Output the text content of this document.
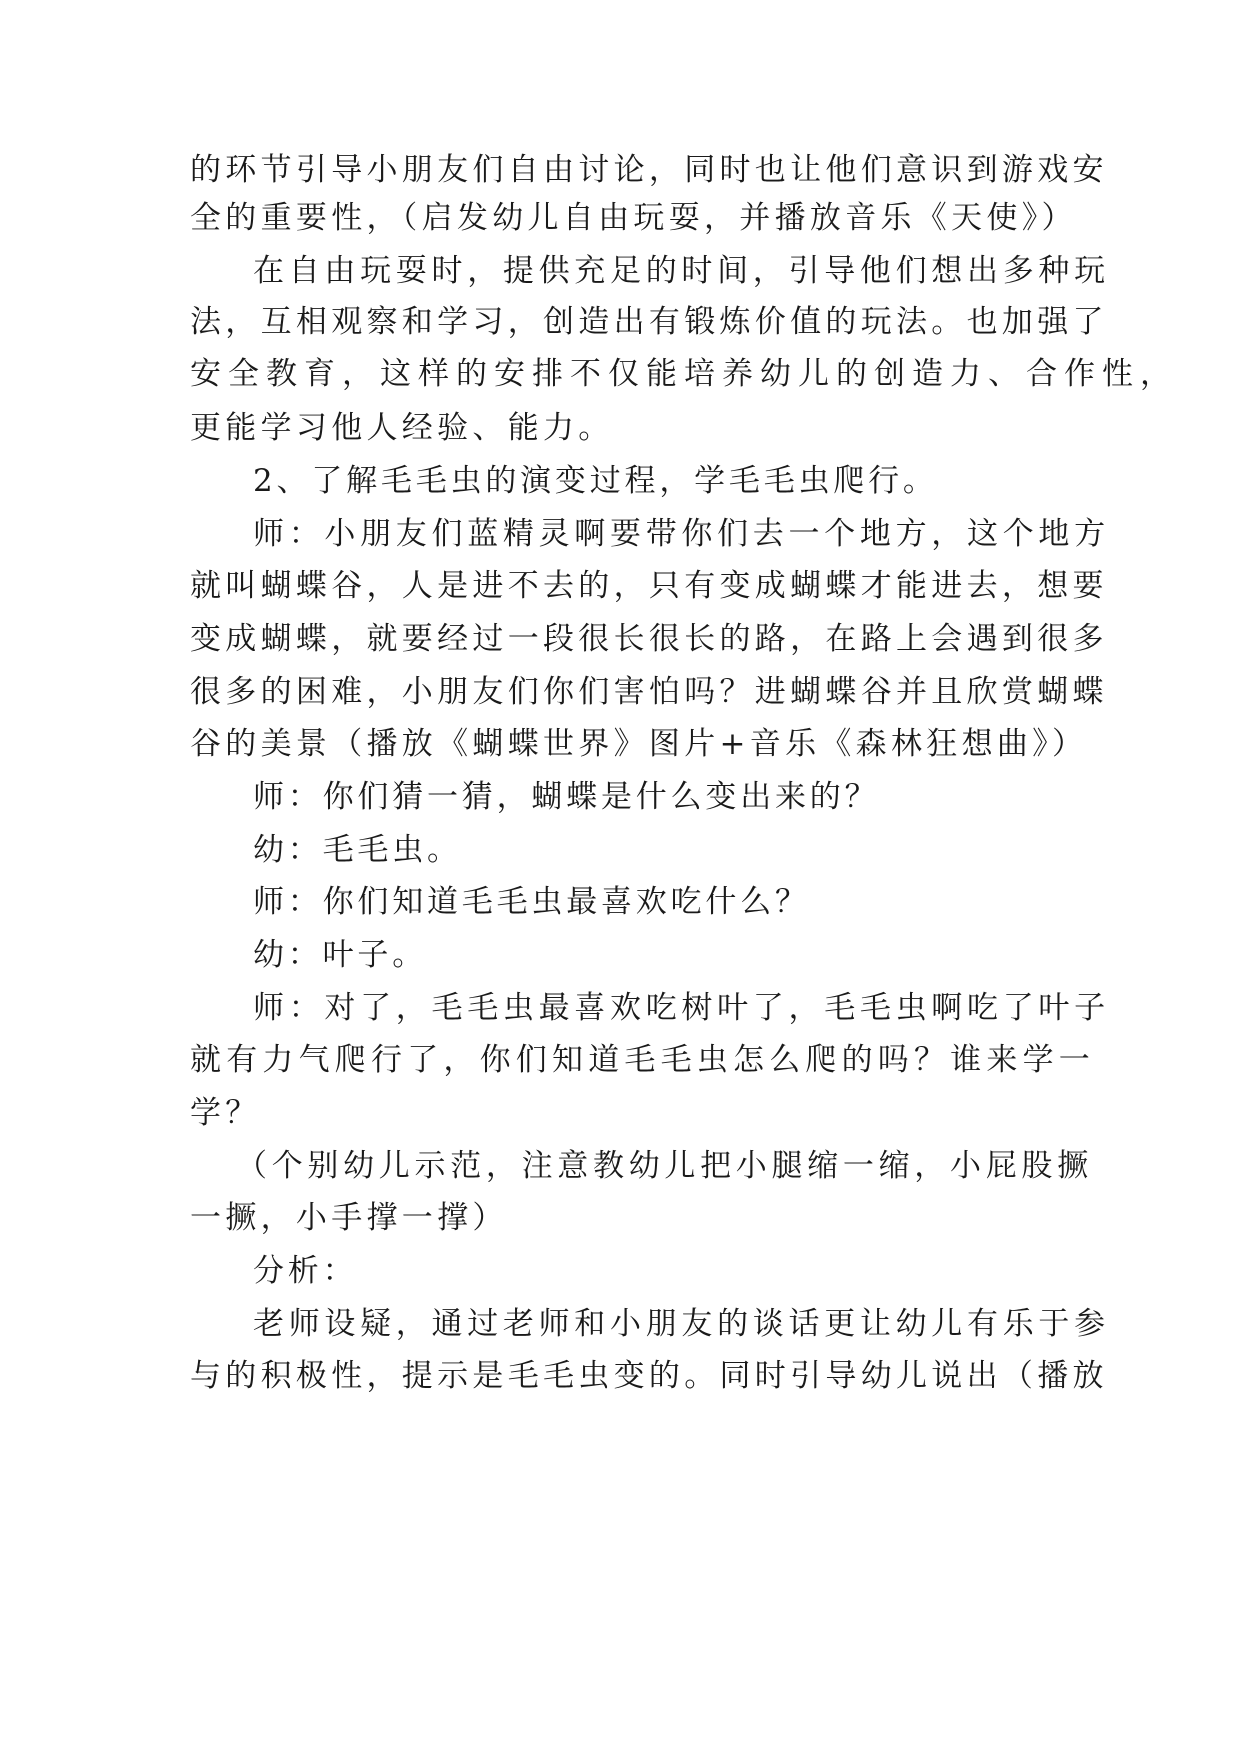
的环节引导小朋友们自由讨论，同时也让他们意识到游戏安
全的重要性，（启发幼儿自由玩耍，并播放音乐《天使》）
在自由玩耍时，提供充足的时间，引导他们想出多种玩
法，互相观察和学习，创造出有锻炼价值的玩法。也加强了
安全教育，这样的安排不仅能培养幼儿的创造力、合作性，
更能学习他人经验、能力。
2、了解毛毛虫的演变过程，学毛毛虫爬行。
师：小朋友们蓝精灵啊要带你们去一个地方，这个地方
就叫蝴蝶谷，人是进不去的，只有变成蝴蝶才能进去，想要
变成蝴蝶，就要经过一段很长很长的路，在路上会遇到很多
很多的困难，小朋友们你们害怕吗？进蝴蝶谷并且欣赏蝴蝶
谷的美景（播放《蝴蝶世界》图片+音乐《森林狂想曲》）
师：你们猜一猜，蝴蝶是什么变出来的？
幼：毛毛虫。
师：你们知道毛毛虫最喜欢吃什么？
幼：叶子。
师：对了，毛毛虫最喜欢吃树叶了，毛毛虫啊吃了叶子
就有力气爬行了，你们知道毛毛虫怎么爬的吗？谁来学一
学？
（个别幼儿示范，注意教幼儿把小腿缩一缩，小屁股撅
一撅，小手撑一撑）
分析：
老师设疑，通过老师和小朋友的谈话更让幼儿有乐于参
与的积极性，提示是毛毛虫变的。同时引导幼儿说出（播放
